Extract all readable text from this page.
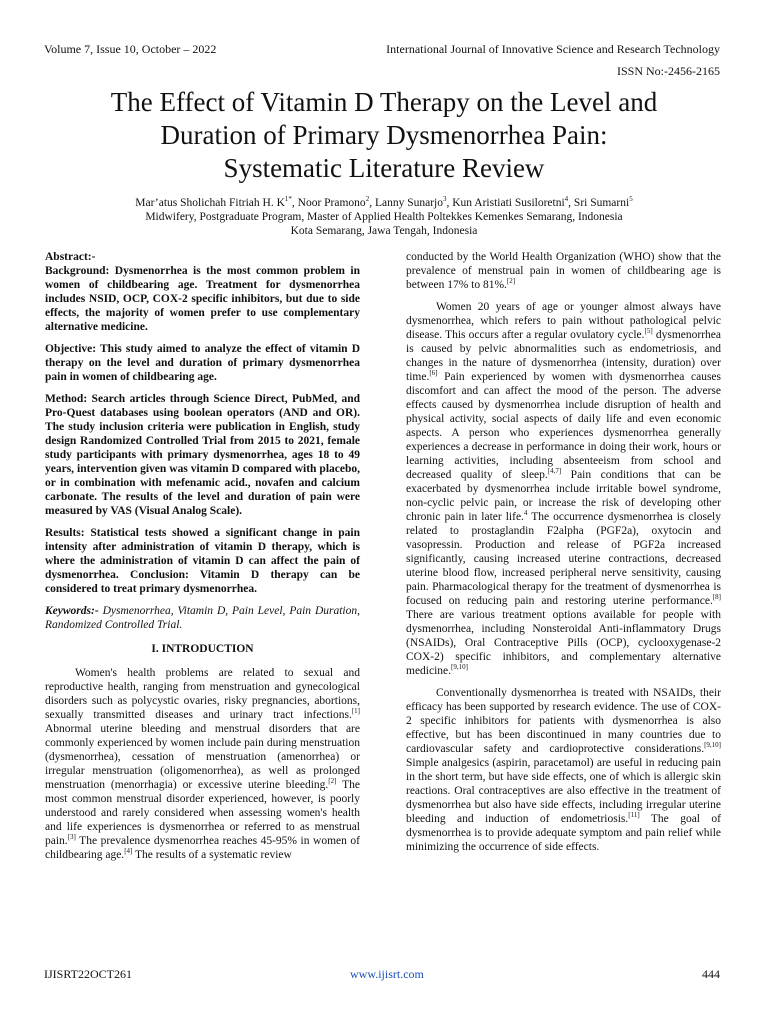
Volume 7, Issue 10, October – 2022	International Journal of Innovative Science and Research Technology
ISSN No:-2456-2165
The Effect of Vitamin D Therapy on the Level and
Duration of Primary Dysmenorrhea Pain:
Systematic Literature Review
Mar’atus Sholichah Fitriah H. $K^{1*}$, Noor Pramono$^2$, Lanny Sunarjo$^3$, Kun Aristiati Susiloretni$^4$, Sri Sumarni$^5$
Midwifery, Postgraduate Program, Master of Applied Health Poltekkes Kemenkes Semarang, Indonesia
Kota Semarang, Jawa Tengah, Indonesia
Abstract:-

Background: Dysmenorrhea is the most common problem in women of childbearing age. Treatment for dysmenorrhea includes NSID, OCP, COX-2 specific inhibitors, but due to side effects, the majority of women prefer to use complementary alternative medicine.

Objective: This study aimed to analyze the effect of vitamin D therapy on the level and duration of primary dysmenorrhea pain in women of childbearing age.

Method: Search articles through Science Direct, PubMed, and Pro-Quest databases using boolean operators (AND and OR). The study inclusion criteria were publication in English, study design Randomized Controlled Trial from 2015 to 2021, female study participants with primary dysmenorrhea, ages 18 to 49 years, intervention given was vitamin D compared with placebo, or in combination with mefenamic acid., novafen and calcium carbonate. The results of the level and duration of pain were measured by VAS (Visual Analog Scale).

Results: Statistical tests showed a significant change in pain intensity after administration of vitamin D therapy, which is where the administration of vitamin D can affect the pain of dysmenorrhea. Conclusion: Vitamin D therapy can be considered to treat primary dysmenorrhea.

Keywords:- Dysmenorrhea, Vitamin D, Pain Level, Pain Duration, Randomized Controlled Trial.

I. INTRODUCTION

Women's health problems are related to sexual and reproductive health, ranging from menstruation and gynecological disorders such as polycystic ovaries, risky pregnancies, abortions, sexually transmitted diseases and urinary tract infections.[1] Abnormal uterine bleeding and menstrual disorders that are commonly experienced by women include pain during menstruation (dysmenorrhea), cessation of menstruation (amenorrhea) or irregular menstruation (oligomenorrhea), as well as prolonged menstruation (menorrhagia) or excessive uterine bleeding.[2] The most common menstrual disorder experienced, however, is poorly understood and rarely considered when assessing women's health and life experiences is dysmenorrhea or referred to as menstrual pain.[3] The prevalence dysmenorrhea reaches 45-95% in women of childbearing age.[4] The results of a systematic review

conducted by the World Health Organization (WHO) show that the prevalence of menstrual pain in women of childbearing age is between 17% to 81%.[2]

Women 20 years of age or younger almost always have dysmenorrhea, which refers to pain without pathological pelvic disease. This occurs after a regular ovulatory cycle.[5] dysmenorrhea is caused by pelvic abnormalities such as endometriosis, and changes in the nature of dysmenorrhea (intensity, duration) over time.[6] Pain experienced by women with dysmenorrhea causes discomfort and can affect the mood of the person. The adverse effects caused by dysmenorrhea include disruption of health and physical activity, social aspects of daily life and even economic aspects. A person who experiences dysmenorrhea generally experiences a decrease in performance in doing their work, hours or learning activities, including absenteeism from school and decreased quality of sleep.[4,7] Pain conditions that can be exacerbated by dysmenorrhea include irritable bowel syndrome, non-cyclic pelvic pain, or increase the risk of developing other chronic pain in later life.$^4$ The occurrence dysmenorrhea is closely related to prostaglandin F2alpha (PGF2a), oxytocin and vasopressin. Production and release of PGF2a increased significantly, causing increased uterine contractions, decreased uterine blood flow, increased peripheral nerve sensitivity, causing pain. Pharmacological therapy for the treatment of dysmenorrhea is focused on reducing pain and restoring uterine performance.[8] There are various treatment options available for people with dysmenorrhea, including Nonsteroidal Anti-inflammatory Drugs (NSAIDs), Oral Contraceptive Pills (OCP), cyclooxygenase-2 COX-2) specific inhibitors, and complementary alternative medicine.[9,10]

Conventionally dysmenorrhea is treated with NSAIDs, their efficacy has been supported by research evidence. The use of COX-2 specific inhibitors for patients with dysmenorrhea is also effective, but has been discontinued in many countries due to cardiovascular safety and cardioprotective considerations.[9,10] Simple analgesics (aspirin, paracetamol) are useful in reducing pain in the short term, but have side effects, one of which is allergic skin reactions. Oral contraceptives are also effective in the treatment of dysmenorrhea but also have side effects, including irregular uterine bleeding and induction of endometriosis.[11] The goal of dysmenorrhea is to provide adequate symptom and pain relief while minimizing the occurrence of side effects.

IJISRT22OCT261	www.ijisrt.com	444
